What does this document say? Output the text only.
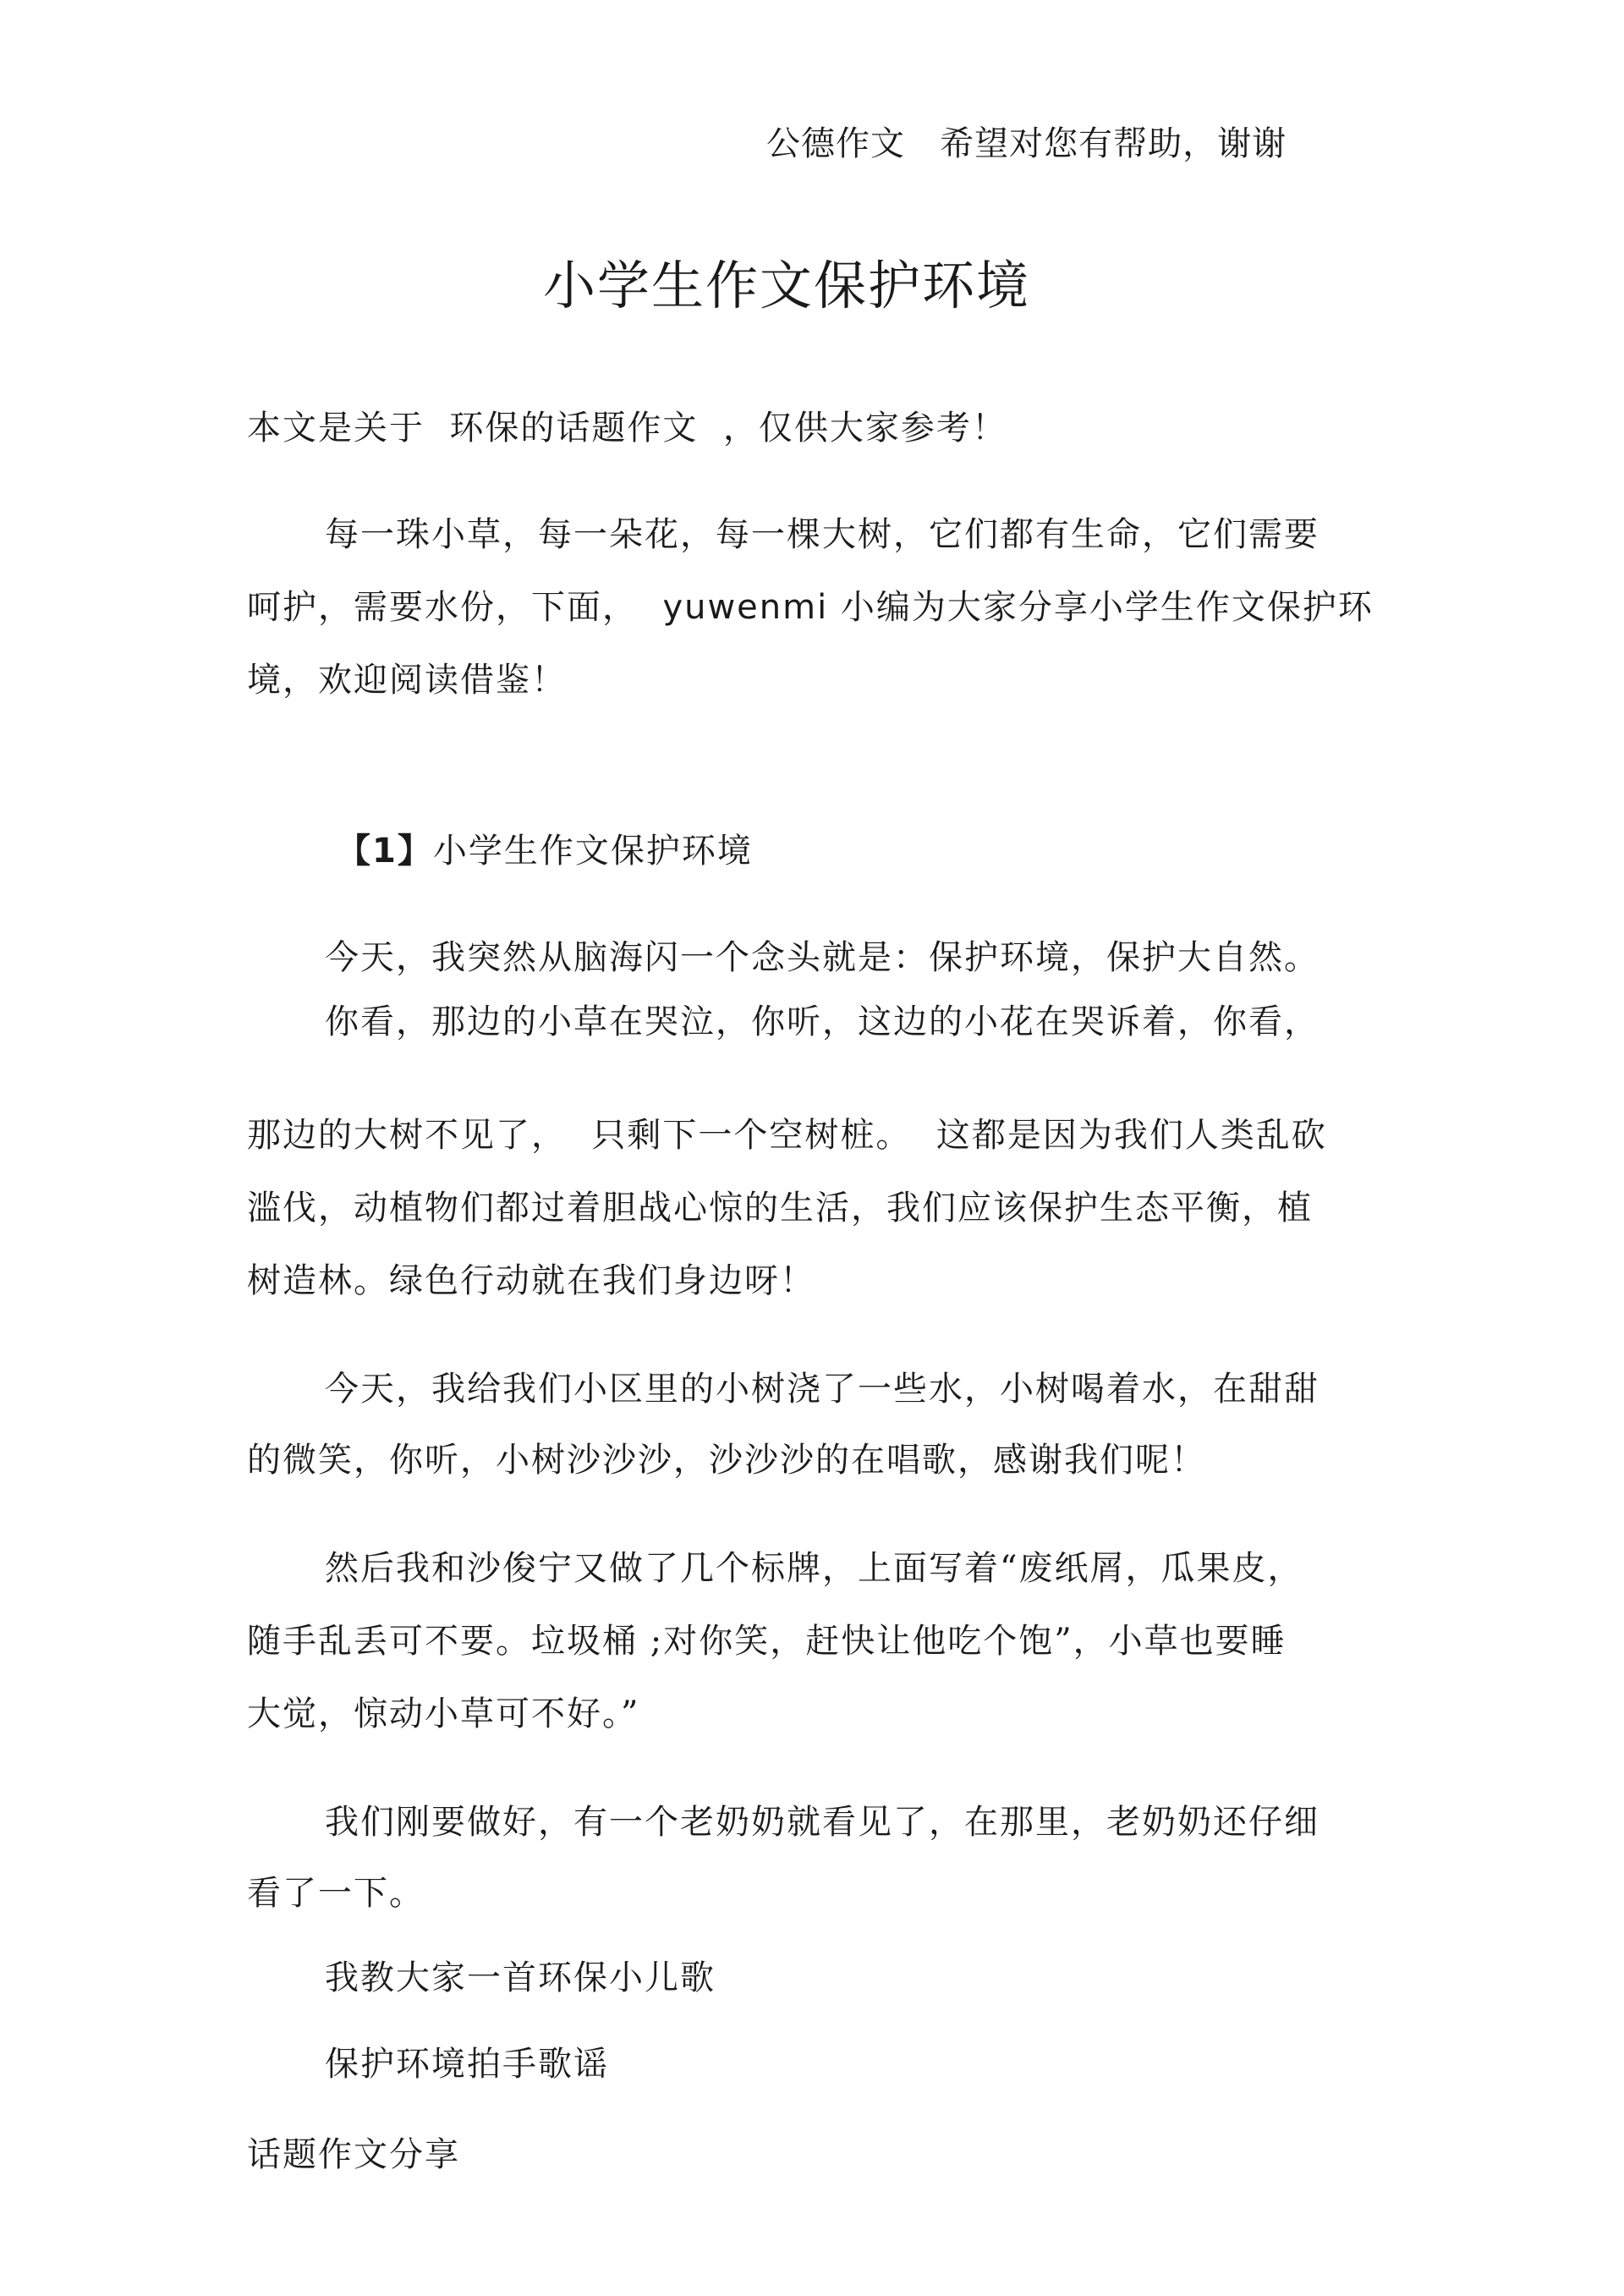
公德作文   希望对您有帮助，谢谢
小学生作文保护环境
本文是关于  环保的话题作文  ，仅供大家参考！
每一珠小草，每一朵花，每一棵大树，它们都有生命，它们需要
呵护，需要水份，下面，  yuwenmi 小编为大家分享小学生作文保护环
境，欢迎阅读借鉴！
【1】小学生作文保护环境
今天，我突然从脑海闪一个念头就是：保护环境，保护大自然。
你看，那边的小草在哭泣，你听，这边的小花在哭诉着，你看，
那边的大树不见了，  只剩下一个空树桩。  这都是因为我们人类乱砍
滥伐，动植物们都过着胆战心惊的生活，我们应该保护生态平衡，植
树造林。绿色行动就在我们身边呀！
今天，我给我们小区里的小树浇了一些水，小树喝着水，在甜甜
的微笑，你听，小树沙沙沙，沙沙沙的在唱歌，感谢我们呢！
然后我和沙俊宁又做了几个标牌，上面写着“废纸屑，瓜果皮，
随手乱丢可不要。垃圾桶 ;对你笑，赶快让他吃个饱”，小草也要睡
大觉，惊动小草可不好。”
我们刚要做好，有一个老奶奶就看见了，在那里，老奶奶还仔细
看了一下。
我教大家一首环保小儿歌
保护环境拍手歌谣
话题作文分享
